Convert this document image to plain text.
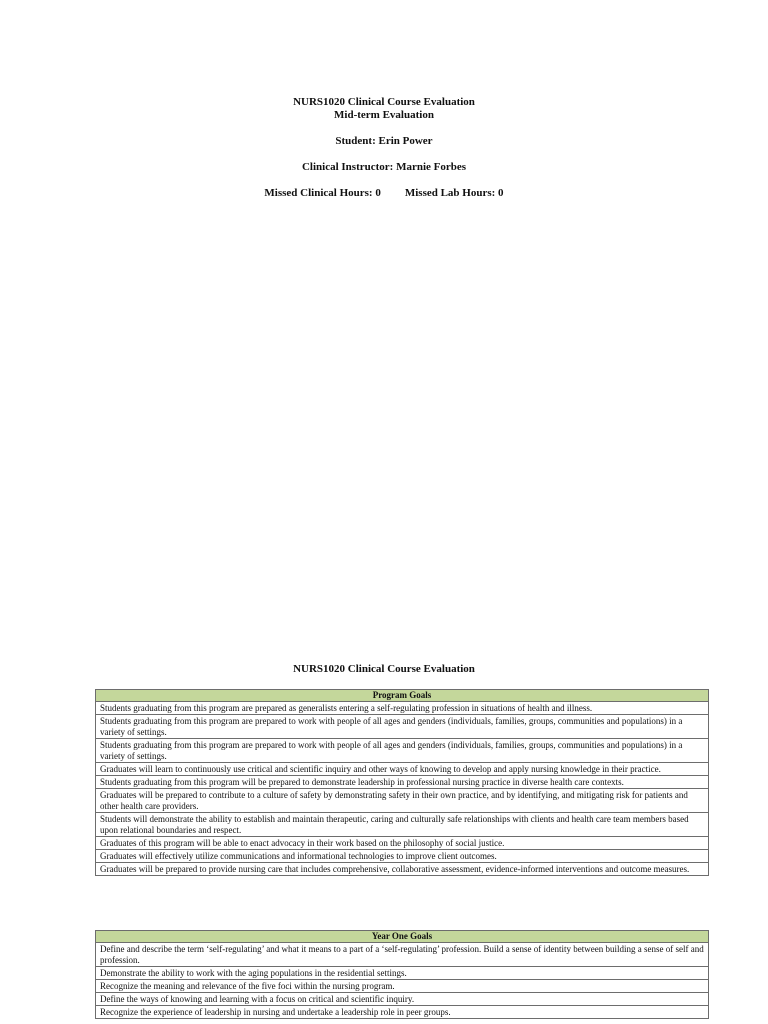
NURS1020 Clinical Course Evaluation
Mid-term Evaluation
Student: Erin Power
Clinical Instructor: Marnie Forbes
Missed Clinical Hours: 0 Missed Lab Hours: 0
NURS1020 Clinical Course Evaluation
Program Goals
Students graduating from this program are prepared as generalists entering a self-regulating profession in situations of health and illness.
Students graduating from this program are prepared to work with people of all ages and genders (individuals, families, groups, communities and populations) in a variety of settings.
Students graduating from this program are prepared to work with people of all ages and genders (individuals, families, groups, communities and populations) in a variety of settings.
Graduates will learn to continuously use critical and scientific inquiry and other ways of knowing to develop and apply nursing knowledge in their practice.
Students graduating from this program will be prepared to demonstrate leadership in professional nursing practice in diverse health care contexts.
Graduates will be prepared to contribute to a culture of safety by demonstrating safety in their own practice, and by identifying, and mitigating risk for patients and other health care providers.
Students will demonstrate the ability to establish and maintain therapeutic, caring and culturally safe relationships with clients and health care team members based upon relational boundaries and respect.
Graduates of this program will be able to enact advocacy in their work based on the philosophy of social justice.
Graduates will effectively utilize communications and informational technologies to improve client outcomes.
Graduates will be prepared to provide nursing care that includes comprehensive, collaborative assessment, evidence-informed interventions and outcome measures.
Year One Goals
Define and describe the term ‘self-regulating’ and what it means to a part of a ‘self-regulating’ profession. Build a sense of identity between building a sense of self and profession.
Demonstrate the ability to work with the aging populations in the residential settings.
Recognize the meaning and relevance of the five foci within the nursing program.
Define the ways of knowing and learning with a focus on critical and scientific inquiry.
Recognize the experience of leadership in nursing and undertake a leadership role in peer groups.
